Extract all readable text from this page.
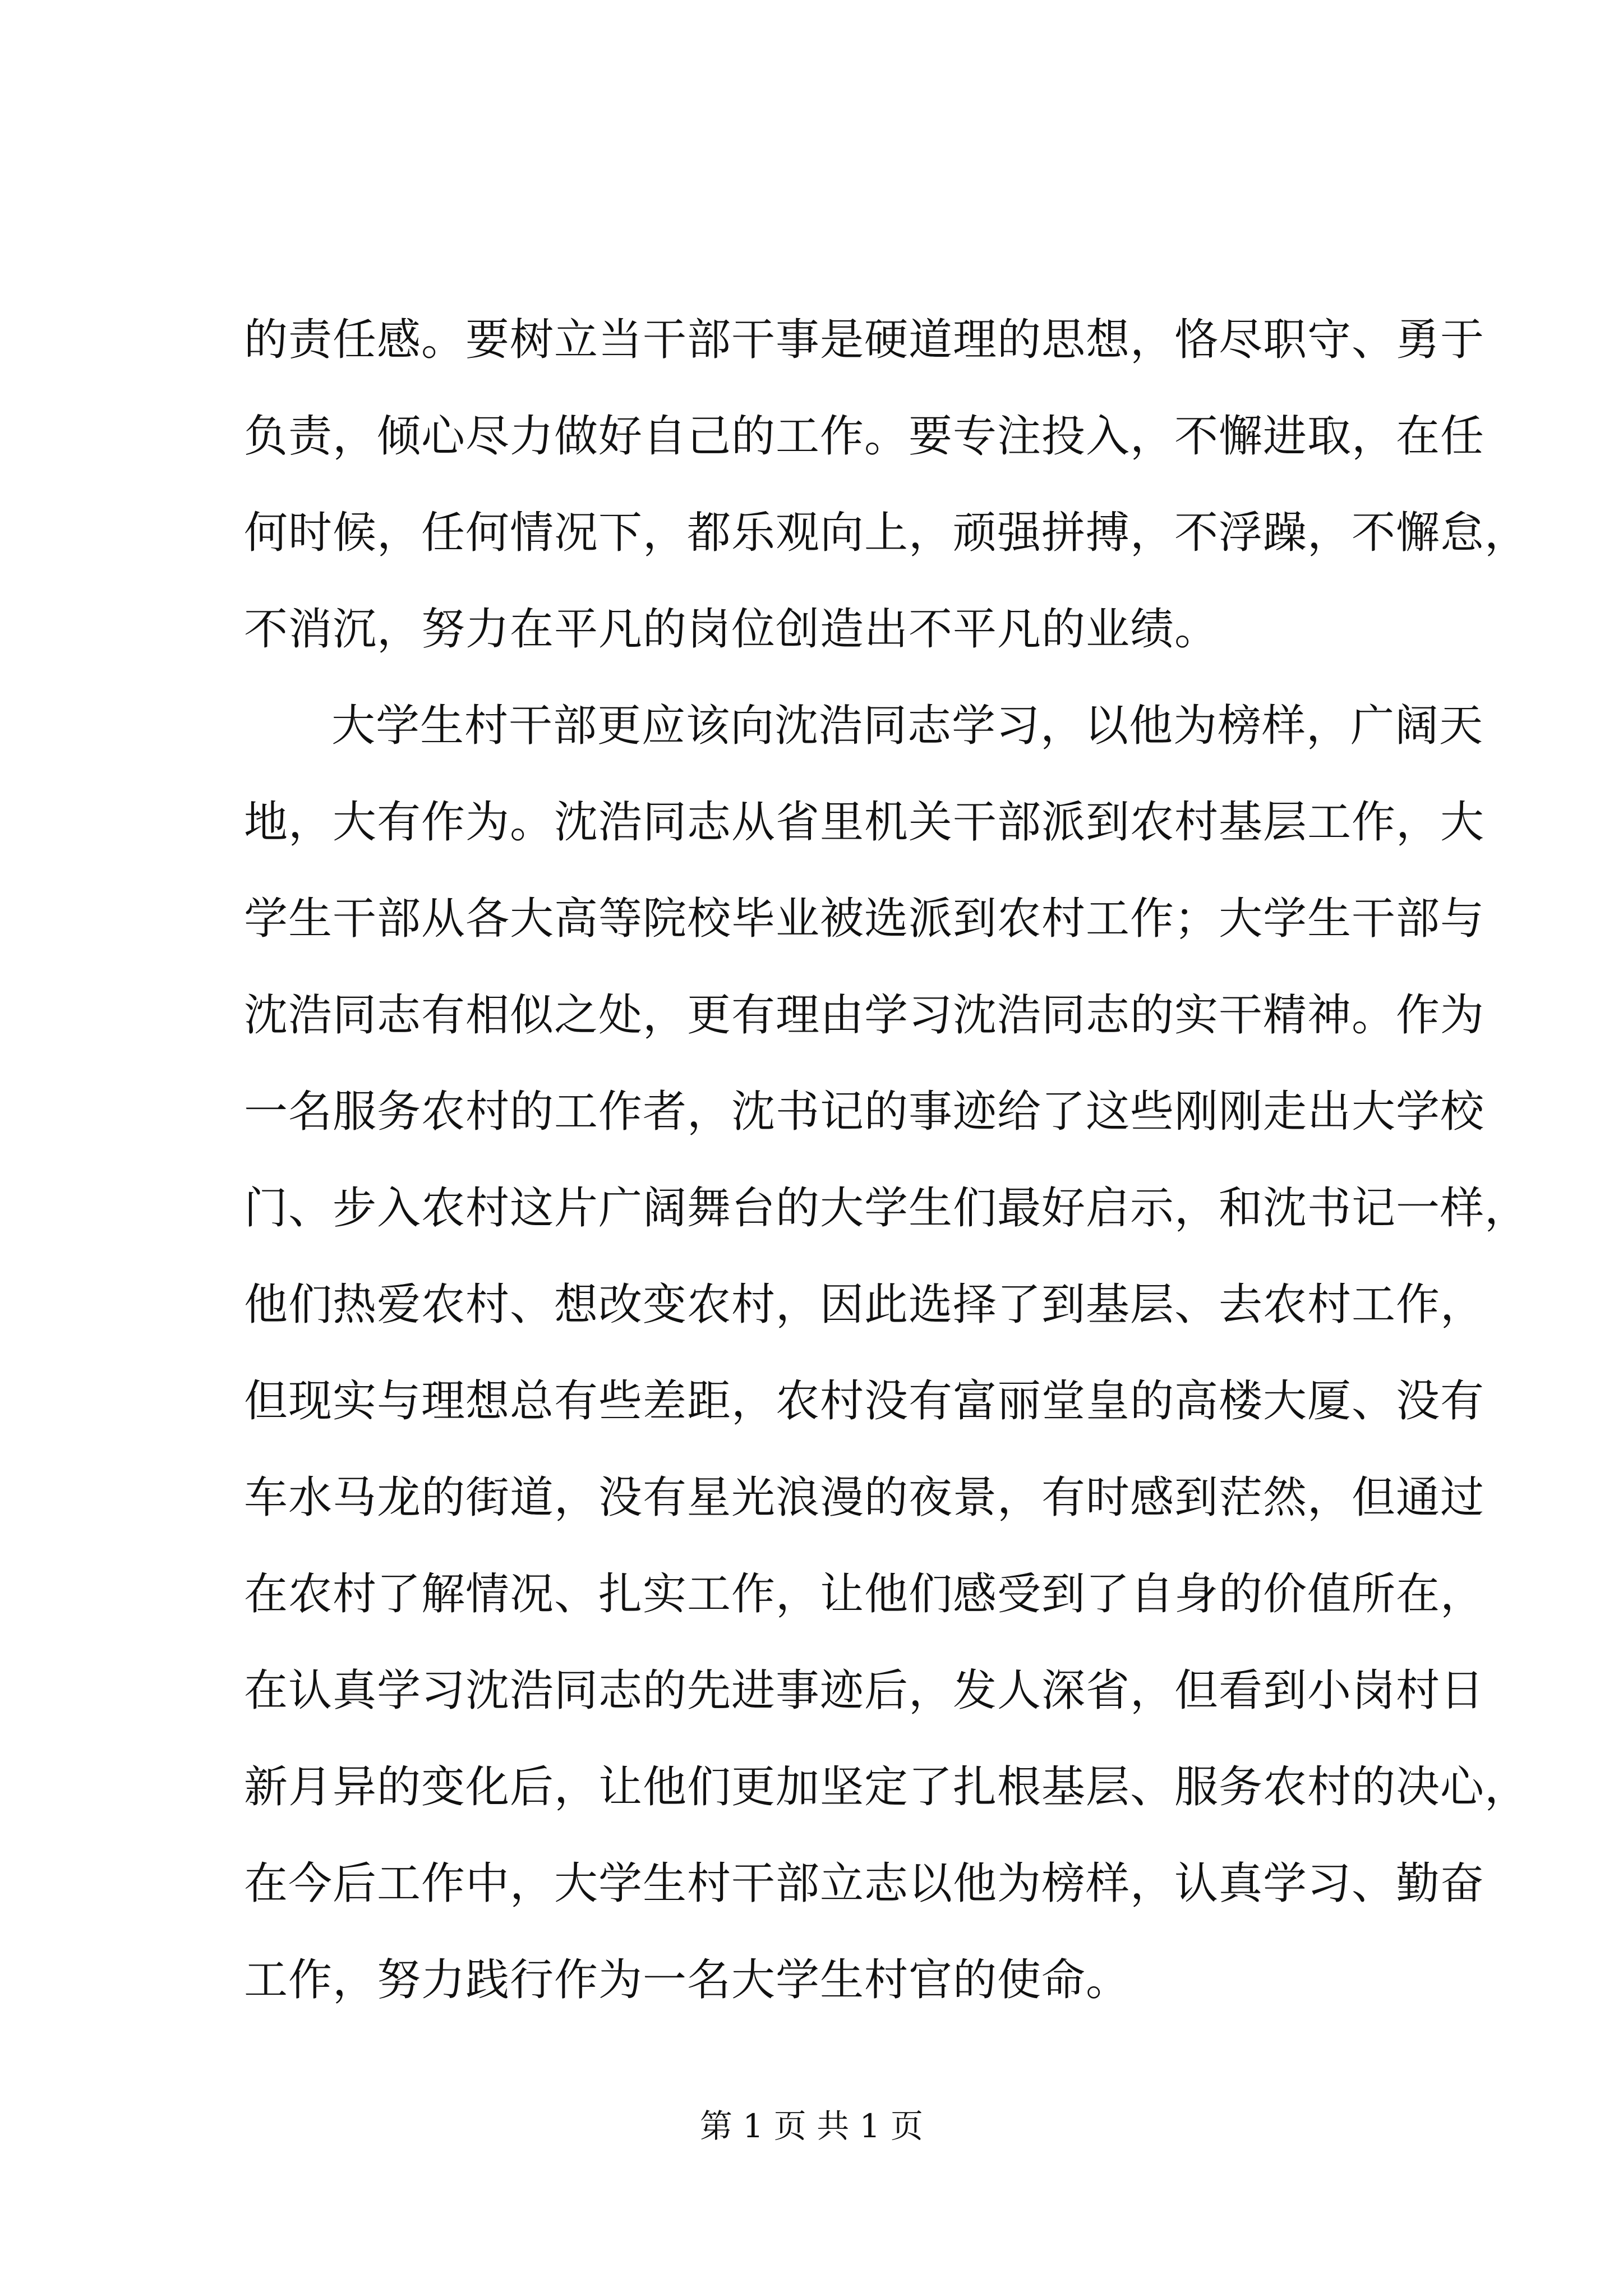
的责任感。要树立当干部干事是硬道理的思想，恪尽职守、勇于
负责，倾心尽力做好自己的工作。要专注投入，不懈进取，在任
何时候，任何情况下，都乐观向上，顽强拼搏，不浮躁，不懈怠，
不消沉，努力在平凡的岗位创造出不平凡的业绩。
大学生村干部更应该向沈浩同志学习，以他为榜样，广阔天
地，大有作为。沈浩同志从省里机关干部派到农村基层工作，大
学生干部从各大高等院校毕业被选派到农村工作；大学生干部与
沈浩同志有相似之处，更有理由学习沈浩同志的实干精神。作为
一名服务农村的工作者，沈书记的事迹给了这些刚刚走出大学校
门、步入农村这片广阔舞台的大学生们最好启示，和沈书记一样，
他们热爱农村、想改变农村，因此选择了到基层、去农村工作，
但现实与理想总有些差距，农村没有富丽堂皇的高楼大厦、没有
车水马龙的街道，没有星光浪漫的夜景，有时感到茫然，但通过
在农村了解情况、扎实工作，让他们感受到了自身的价值所在，
在认真学习沈浩同志的先进事迹后，发人深省，但看到小岗村日
新月异的变化后，让他们更加坚定了扎根基层、服务农村的决心，
在今后工作中，大学生村干部立志以他为榜样，认真学习、勤奋
工作，努力践行作为一名大学生村官的使命。
第 1 页 共 1 页
